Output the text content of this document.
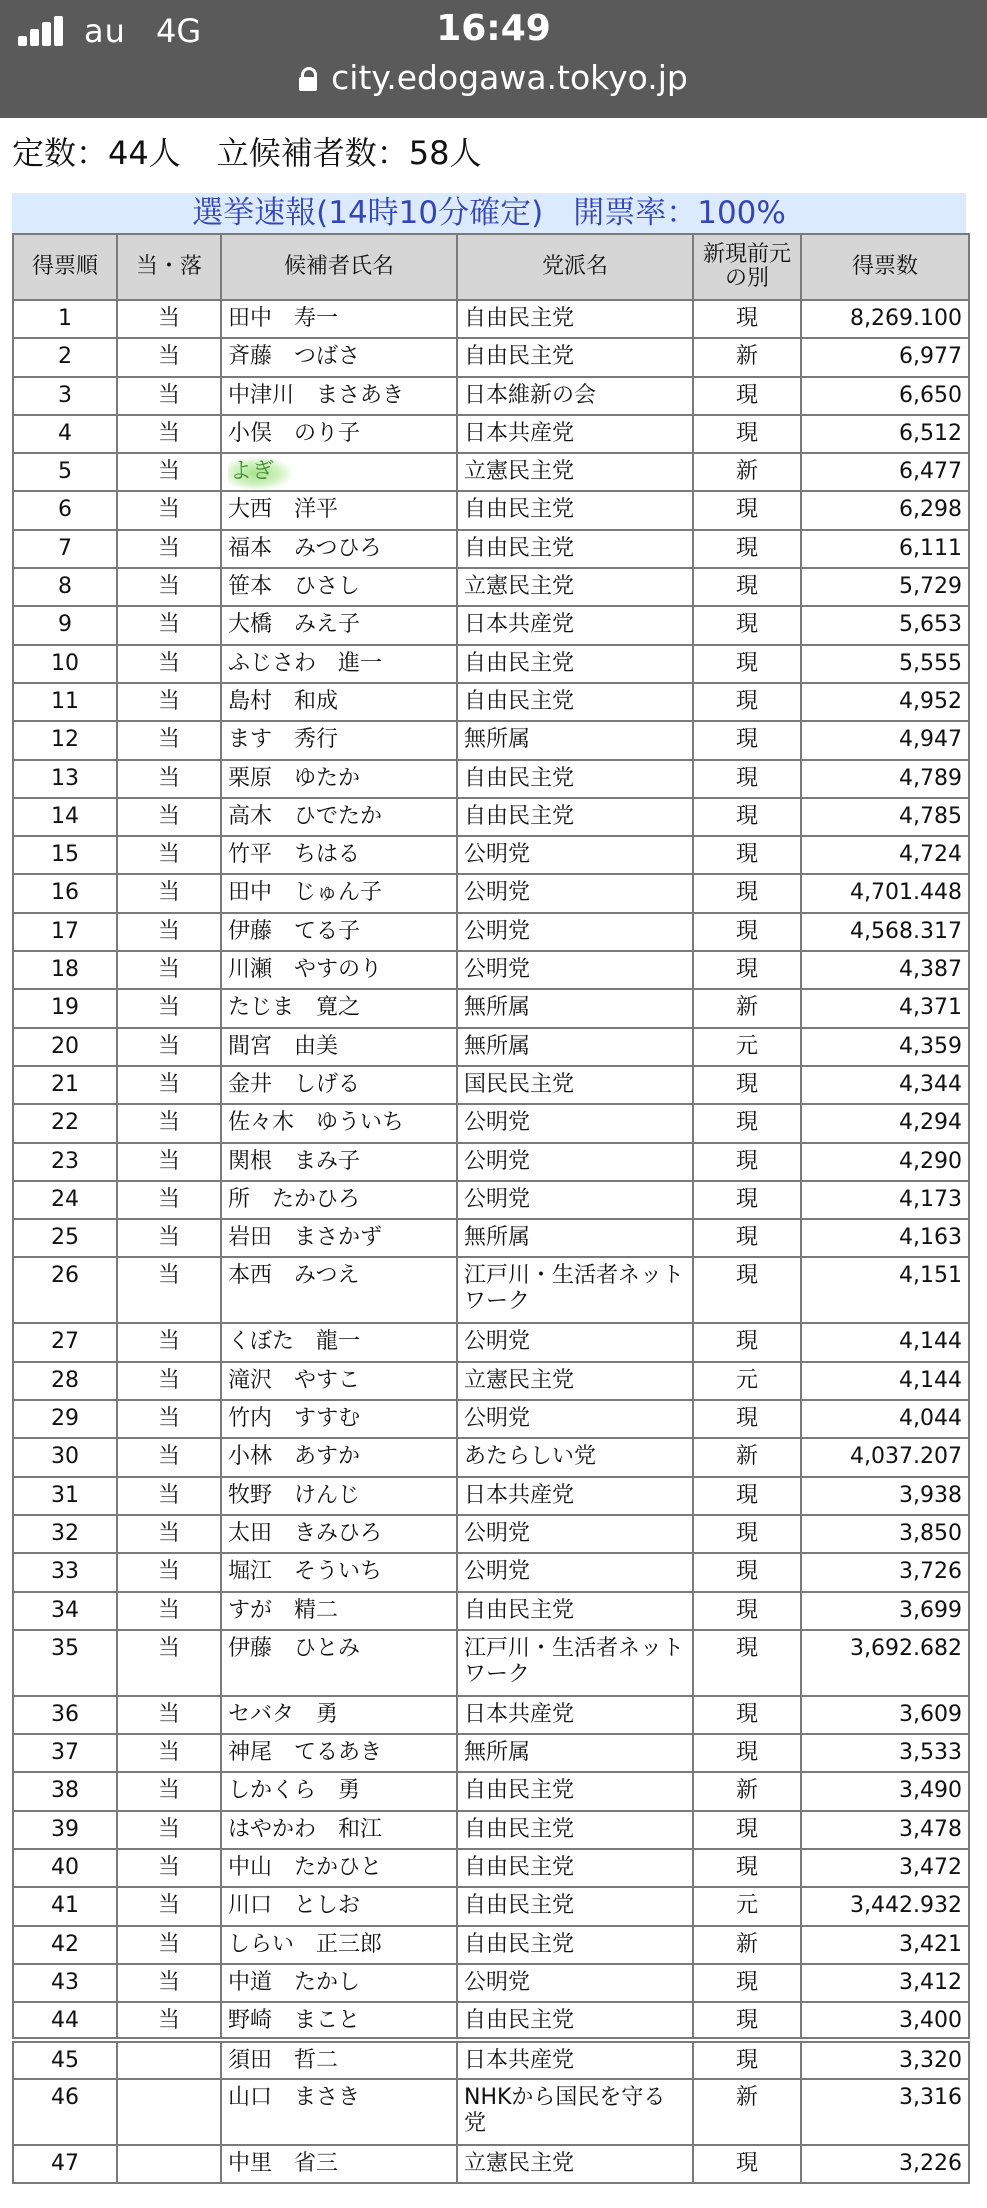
au 4G	16:49
city.edogawa.tokyo.jp
定数：44人 立候補者数：58人
選挙速報(14時10分確定) 開票率：100%
得票順	当・落	候補者氏名	党派名	新現前元の別	得票数
1	当	田中　寿一	自由民主党	現	8,269.100
2	当	斉藤　つばさ	自由民主党	新	6,977
3	当	中津川　まさあき	日本維新の会	現	6,650
4	当	小俣　のり子	日本共産党	現	6,512
5	当	よぎ	立憲民主党	新	6,477
6	当	大西　洋平	自由民主党	現	6,298
7	当	福本　みつひろ	自由民主党	現	6,111
8	当	笹本　ひさし	立憲民主党	現	5,729
9	当	大橋　みえ子	日本共産党	現	5,653
10	当	ふじさわ　進一	自由民主党	現	5,555
11	当	島村　和成	自由民主党	現	4,952
12	当	ます　秀行	無所属	現	4,947
13	当	栗原　ゆたか	自由民主党	現	4,789
14	当	高木　ひでたか	自由民主党	現	4,785
15	当	竹平　ちはる	公明党	現	4,724
16	当	田中　じゅん子	公明党	現	4,701.448
17	当	伊藤　てる子	公明党	現	4,568.317
18	当	川瀬　やすのり	公明党	現	4,387
19	当	たじま　寛之	無所属	新	4,371
20	当	間宮　由美	無所属	元	4,359
21	当	金井　しげる	国民民主党	現	4,344
22	当	佐々木　ゆういち	公明党	現	4,294
23	当	関根　まみ子	公明党	現	4,290
24	当	所　たかひろ	公明党	現	4,173
25	当	岩田　まさかず	無所属	現	4,163
26	当	本西　みつえ	江戸川・生活者ネットワーク	現	4,151
27	当	くぼた　龍一	公明党	現	4,144
28	当	滝沢　やすこ	立憲民主党	元	4,144
29	当	竹内　すすむ	公明党	現	4,044
30	当	小林　あすか	あたらしい党	新	4,037.207
31	当	牧野　けんじ	日本共産党	現	3,938
32	当	太田　きみひろ	公明党	現	3,850
33	当	堀江　そういち	公明党	現	3,726
34	当	すが　精二	自由民主党	現	3,699
35	当	伊藤　ひとみ	江戸川・生活者ネットワーク	現	3,692.682
36	当	セバタ　勇	日本共産党	現	3,609
37	当	神尾　てるあき	無所属	現	3,533
38	当	しかくら　勇	自由民主党	新	3,490
39	当	はやかわ　和江	自由民主党	現	3,478
40	当	中山　たかひと	自由民主党	現	3,472
41	当	川口　としお	自由民主党	元	3,442.932
42	当	しらい　正三郎	自由民主党	新	3,421
43	当	中道　たかし	公明党	現	3,412
44	当	野崎　まこと	自由民主党	現	3,400
45		須田　哲二	日本共産党	現	3,320
46		山口　まさき	NHKから国民を守る党	新	3,316
47		中里　省三	立憲民主党	現	3,226
